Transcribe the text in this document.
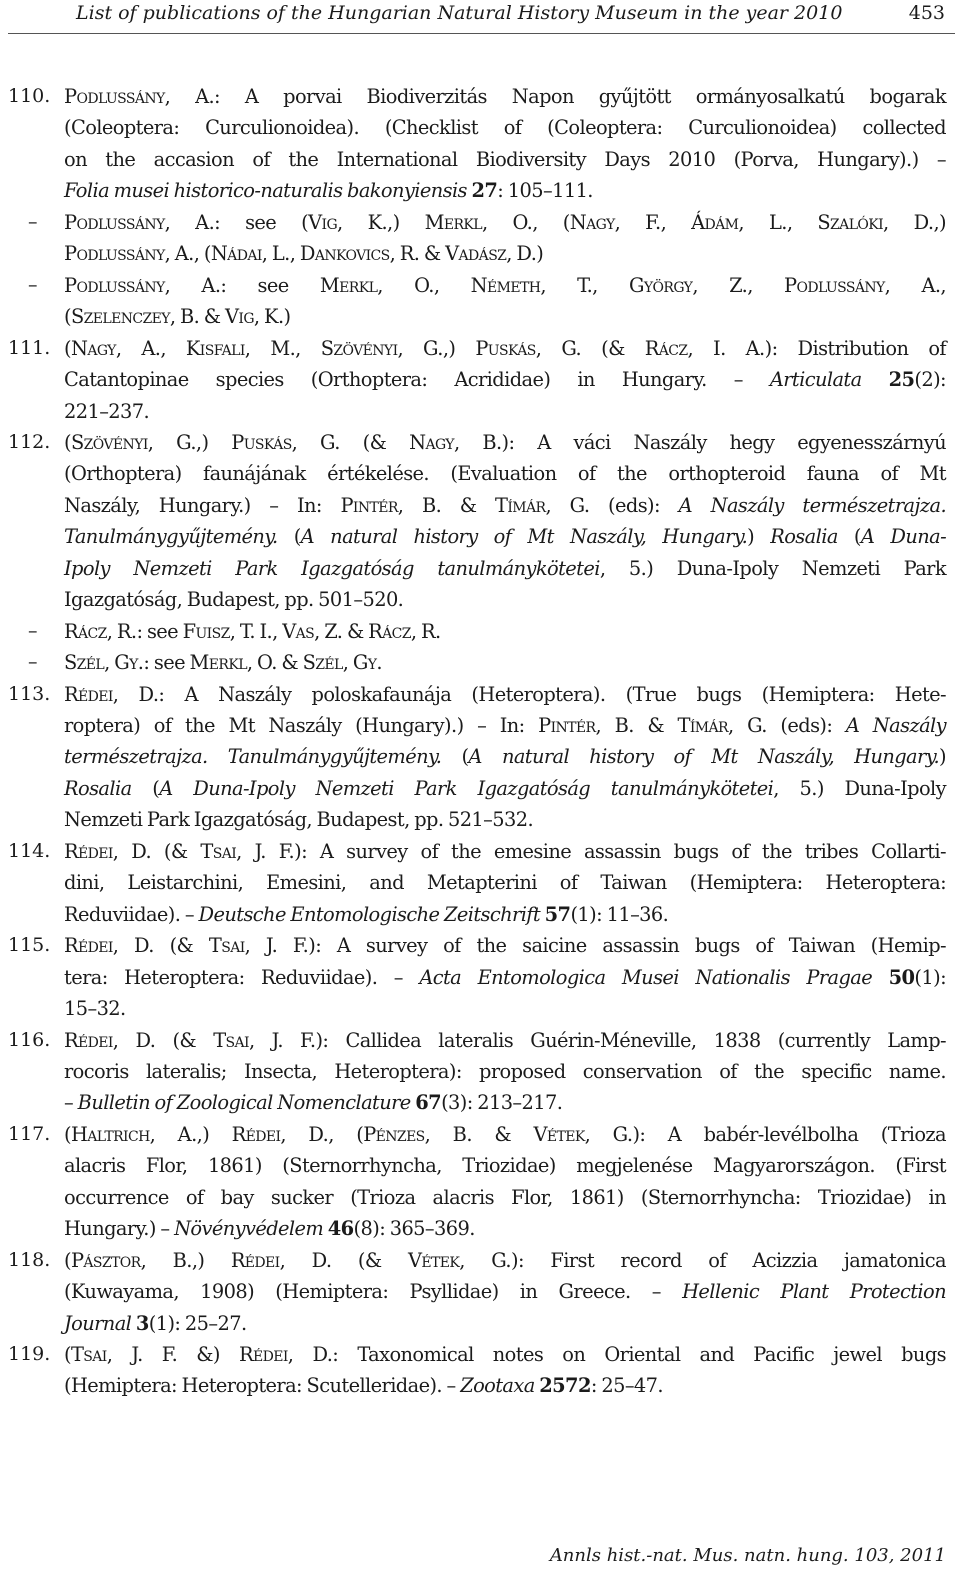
List of publications of the Hungarian Natural History Museum in the year 2010	453
110. Podlussány, A.: A porvai Biodiverzitás Napon gyűjtött ormányosalkatú bogarak
(Coleoptera: Curculionoidea). (Checklist of (Coleoptera: Curculionoidea) collected
on the accasion of the International Biodiversity Days 2010 (Porva, Hungary).) –
Folia musei historico-naturalis bakonyiensis 27: 105–111.
–	Podlussány, A.: see (Vig, K.,) Merkl, O., (Nagy, F., Ádám, L., Szalóki, D.,)
Podlussány, A., (Nádai, L., Dankovics, R. & Vadász, D.)
–	Podlussány, A.: see Merkl, O., Németh, T., György, Z., Podlussány, A.,
(Szelenczey, B. & Vig, K.)
111. (Nagy, A., Kisfali, M., Szövényi, G.,) Puskás, G. (& Rácz, I. A.): Distribution of
Catantopinae species (Orthoptera: Acrididae) in Hungary. – Articulata 25(2):
221–237.
112. (Szövényi, G.,) Puskás, G. (& Nagy, B.): A váci Naszály hegy egyenesszárnyú
(Orthoptera) faunájának értékelése. (Evaluation of the orthopteroid fauna of Mt
Naszály, Hungary.) – In: Pintér, B. & Tímár, G. (eds): A Naszály természetrajza.
Tanulmánygyűjtemény. (A natural history of Mt Naszály, Hungary.) Rosalia (A Duna-
Ipoly Nemzeti Park Igazgatóság tanulmánykötetei, 5.) Duna-Ipoly Nemzeti Park
Igazgatóság, Budapest, pp. 501–520.
–	Rácz, R.: see Fuisz, T. I., Vas, Z. & Rácz, R.
–	Szél, Gy.: see Merkl, O. & Szél, Gy.
113. Rédei, D.: A Naszály poloskafaunája (Heteroptera). (True bugs (Hemiptera: Hete-
roptera) of the Mt Naszály (Hungary).) – In: Pintér, B. & Tímár, G. (eds): A Naszály
természetrajza. Tanulmánygyűjtemény. (A natural history of Mt Naszály, Hungary.)
Rosalia (A Duna-Ipoly Nemzeti Park Igazgatóság tanulmánykötetei, 5.) Duna-Ipoly
Nemzeti Park Igazgatóság, Budapest, pp. 521–532.
114. Rédei, D. (& Tsai, J. F.): A survey of the emesine assassin bugs of the tribes Collarti-
dini, Leistarchini, Emesini, and Metapterini of Taiwan (Hemiptera: Heteroptera:
Reduviidae). – Deutsche Entomologische Zeitschrift 57(1): 11–36.
115. Rédei, D. (& Tsai, J. F.): A survey of the saicine assassin bugs of Taiwan (Hemip-
tera: Heteroptera: Reduviidae). – Acta Entomologica Musei Nationalis Pragae 50(1):
15–32.
116. Rédei, D. (& Tsai, J. F.): Callidea lateralis Guérin-Méneville, 1838 (currently Lamp-
rocoris lateralis; Insecta, Heteroptera): proposed conservation of the specific name.
– Bulletin of Zoological Nomenclature 67(3): 213–217.
117. (Haltrich, A.,) Rédei, D., (Pénzes, B. & Vétek, G.): A babér-levélbolha (Trioza
alacris Flor, 1861) (Sternorrhyncha, Triozidae) megjelenése Magyarországon. (First
occurrence of bay sucker (Trioza alacris Flor, 1861) (Sternorrhyncha: Triozidae) in
Hungary.) – Növényvédelem 46(8): 365–369.
118. (Pásztor, B.,) Rédei, D. (& Vétek, G.): First record of Acizzia jamatonica
(Kuwayama, 1908) (Hemiptera: Psyllidae) in Greece. – Hellenic Plant Protection
Journal 3(1): 25–27.
119. (Tsai, J. F. &) Rédei, D.: Taxonomical notes on Oriental and Pacific jewel bugs
(Hemiptera: Heteroptera: Scutelleridae). – Zootaxa 2572: 25–47.
Annls hist.-nat. Mus. natn. hung. 103, 2011
